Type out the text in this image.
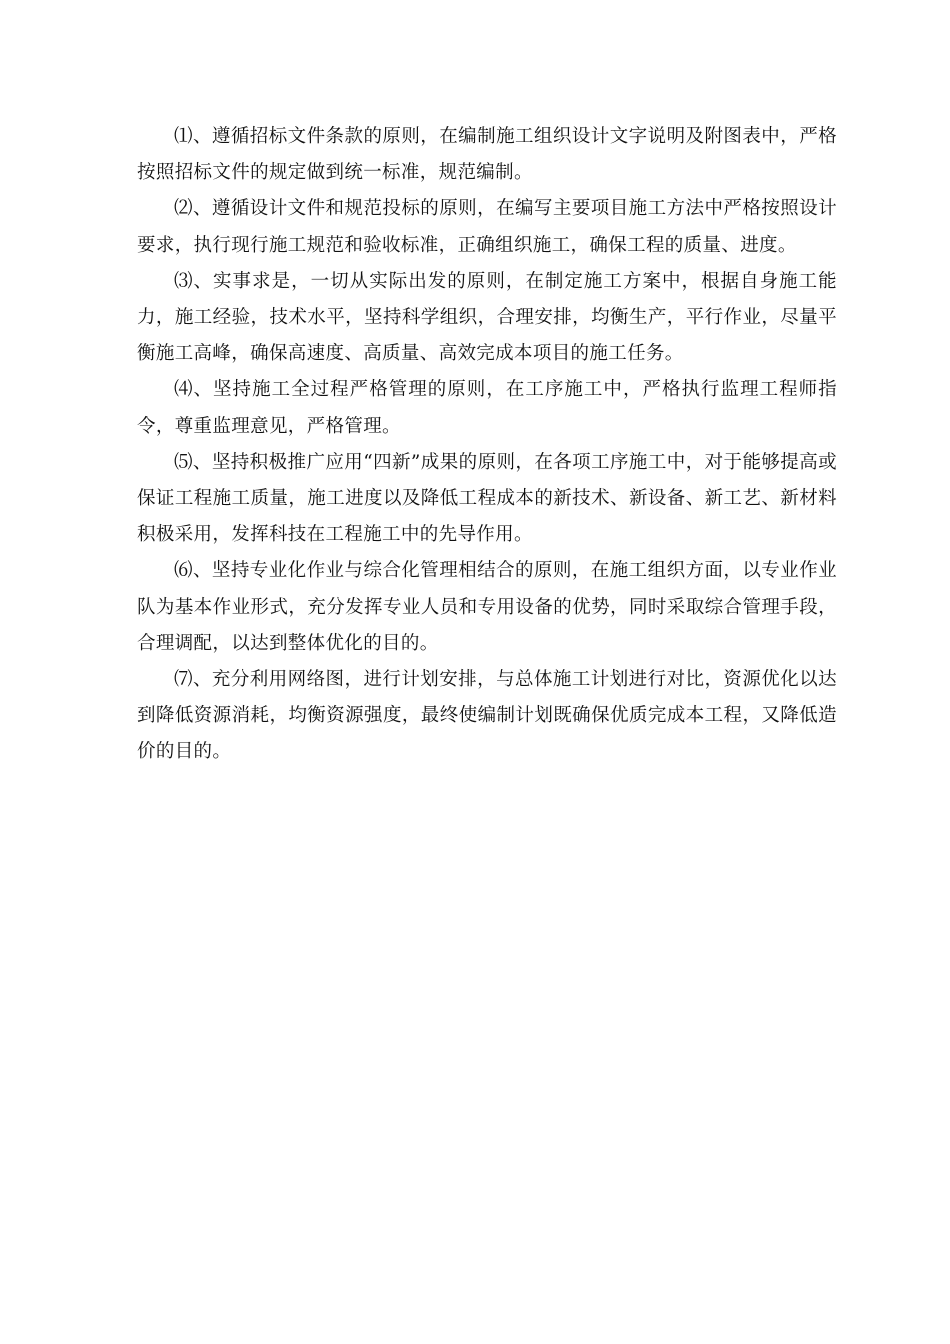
⑴、遵循招标文件条款的原则，在编制施工组织设计文字说明及附图表中，严格按照招标文件的规定做到统一标准，规范编制。

⑵、遵循设计文件和规范投标的原则，在编写主要项目施工方法中严格按照设计要求，执行现行施工规范和验收标准，正确组织施工，确保工程的质量、进度。

⑶、实事求是，一切从实际出发的原则，在制定施工方案中，根据自身施工能力，施工经验，技术水平，坚持科学组织，合理安排，均衡生产，平行作业，尽量平衡施工高峰，确保高速度、高质量、高效完成本项目的施工任务。

⑷、坚持施工全过程严格管理的原则，在工序施工中，严格执行监理工程师指令，尊重监理意见，严格管理。

⑸、坚持积极推广应用“四新”成果的原则，在各项工序施工中，对于能够提高或保证工程施工质量，施工进度以及降低工程成本的新技术、新设备、新工艺、新材料积极采用，发挥科技在工程施工中的先导作用。

⑹、坚持专业化作业与综合化管理相结合的原则，在施工组织方面，以专业作业队为基本作业形式，充分发挥专业人员和专用设备的优势，同时采取综合管理手段，合理调配，以达到整体优化的目的。

⑺、充分利用网络图，进行计划安排，与总体施工计划进行对比，资源优化以达到降低资源消耗，均衡资源强度，最终使编制计划既确保优质完成本工程，又降低造价的目的。
